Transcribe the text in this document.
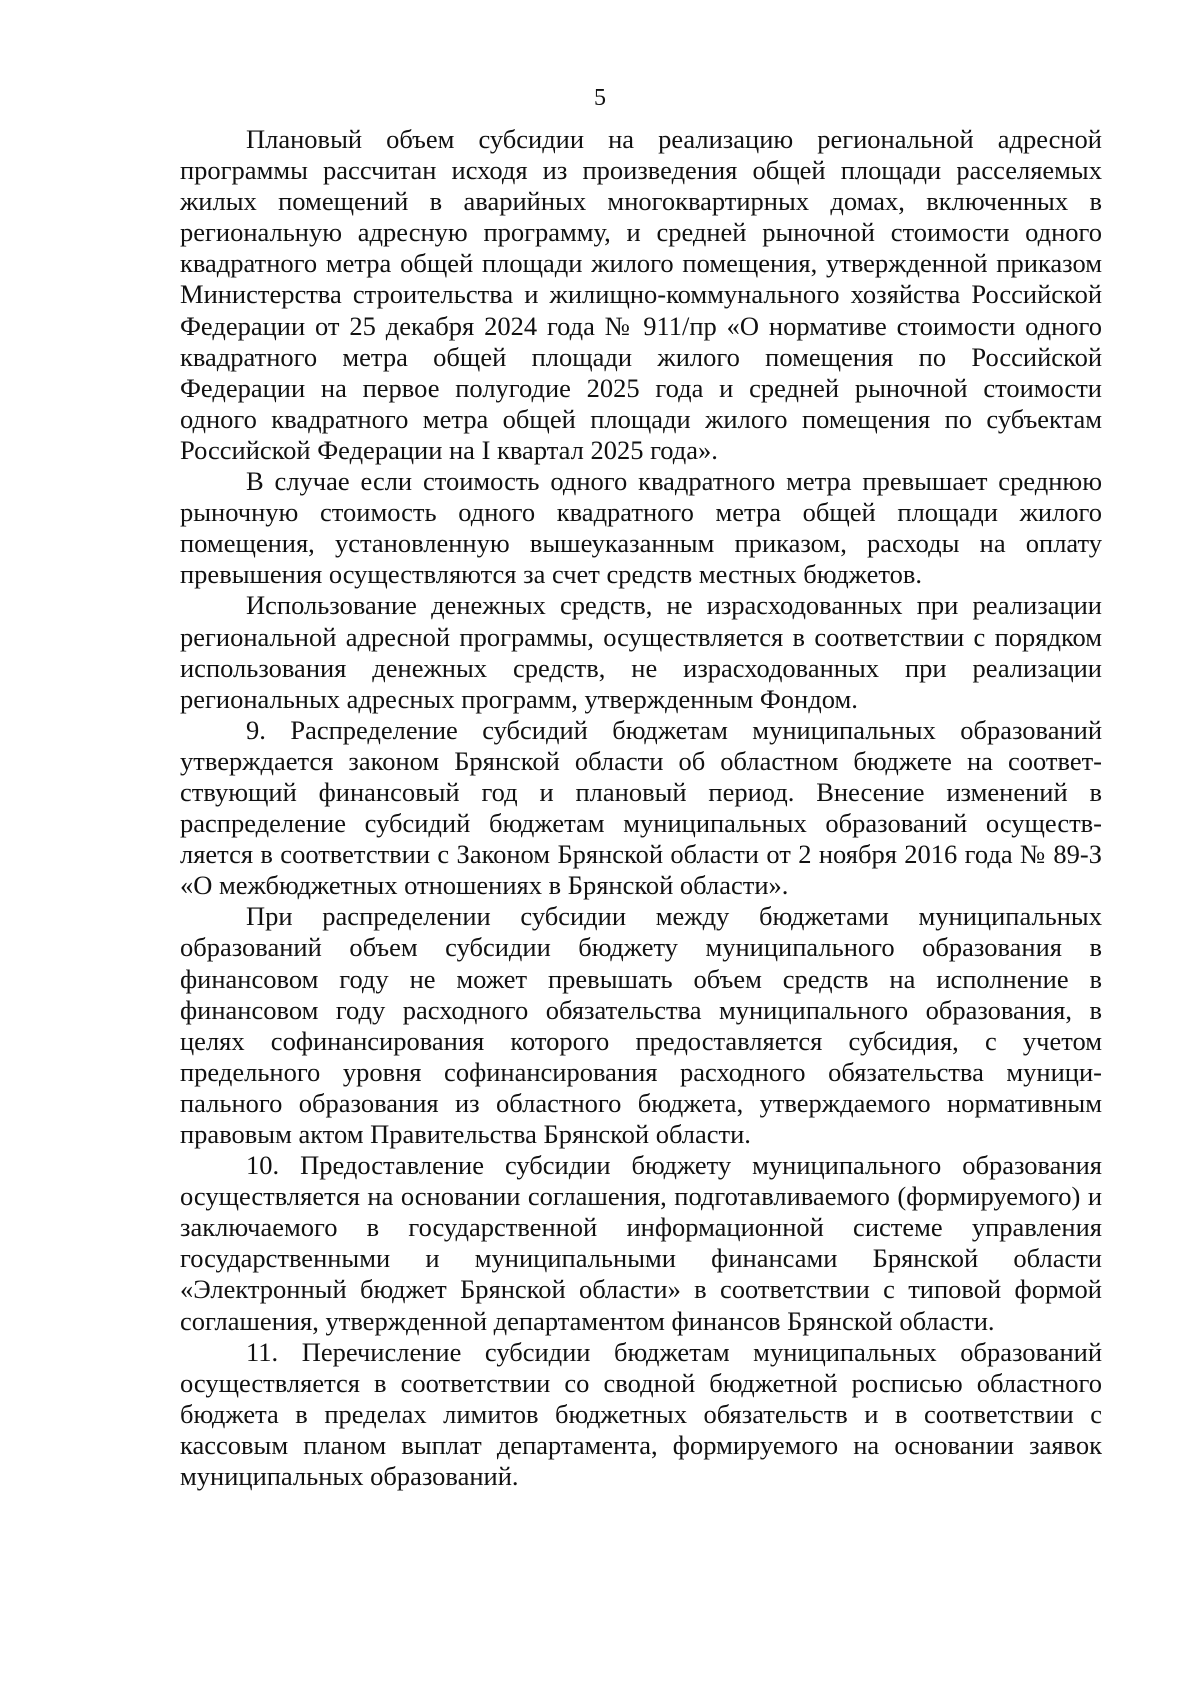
5

Плановый объем субсидии на реализацию региональной адресной программы рассчитан исходя из произведения общей площади расселяемых жилых помещений в аварийных многоквартирных домах, включенных в региональную адресную программу, и средней рыночной стоимости одного квадратного метра общей площади жилого помещения, утвержденной приказом Министерства строительства и жилищно-коммунального хозяйства Российской Федерации от 25 декабря 2024 года № 911/пр «О нормативе стоимости одного квадратного метра общей площади жилого помещения по Российской Федерации на первое полугодие 2025 года и средней рыночной стоимости одного квадратного метра общей площади жилого помещения по субъектам Российской Федерации на I квартал 2025 года».

В случае если стоимость одного квадратного метра превышает среднюю рыночную стоимость одного квадратного метра общей площади жилого помещения, установленную вышеуказанным приказом, расходы на оплату превышения осуществляются за счет средств местных бюджетов.

Использование денежных средств, не израсходованных при реализации региональной адресной программы, осуществляется в соответствии с порядком использования денежных средств, не израсходованных при реализации региональных адресных программ, утвержденным Фондом.

9. Распределение субсидий бюджетам муниципальных образований утверждается законом Брянской области об областном бюджете на соответствующий финансовый год и плановый период. Внесение изменений в распределение субсидий бюджетам муниципальных образований осуществляется в соответствии с Законом Брянской области от 2 ноября 2016 года № 89-З «О межбюджетных отношениях в Брянской области».

При распределении субсидии между бюджетами муниципальных образований объем субсидии бюджету муниципального образования в финансовом году не может превышать объем средств на исполнение в финансовом году расходного обязательства муниципального образования, в целях софинансирования которого предоставляется субсидия, с учетом предельного уровня софинансирования расходного обязательства муниципального образования из областного бюджета, утверждаемого нормативным правовым актом Правительства Брянской области.

10. Предоставление субсидии бюджету муниципального образования осуществляется на основании соглашения, подготавливаемого (формируемого) и заключаемого в государственной информационной системе управления государственными и муниципальными финансами Брянской области «Электронный бюджет Брянской области» в соответствии с типовой формой соглашения, утвержденной департаментом финансов Брянской области.

11. Перечисление субсидии бюджетам муниципальных образований осуществляется в соответствии со сводной бюджетной росписью областного бюджета в пределах лимитов бюджетных обязательств и в соответствии с кассовым планом выплат департамента, формируемого на основании заявок муниципальных образований.
